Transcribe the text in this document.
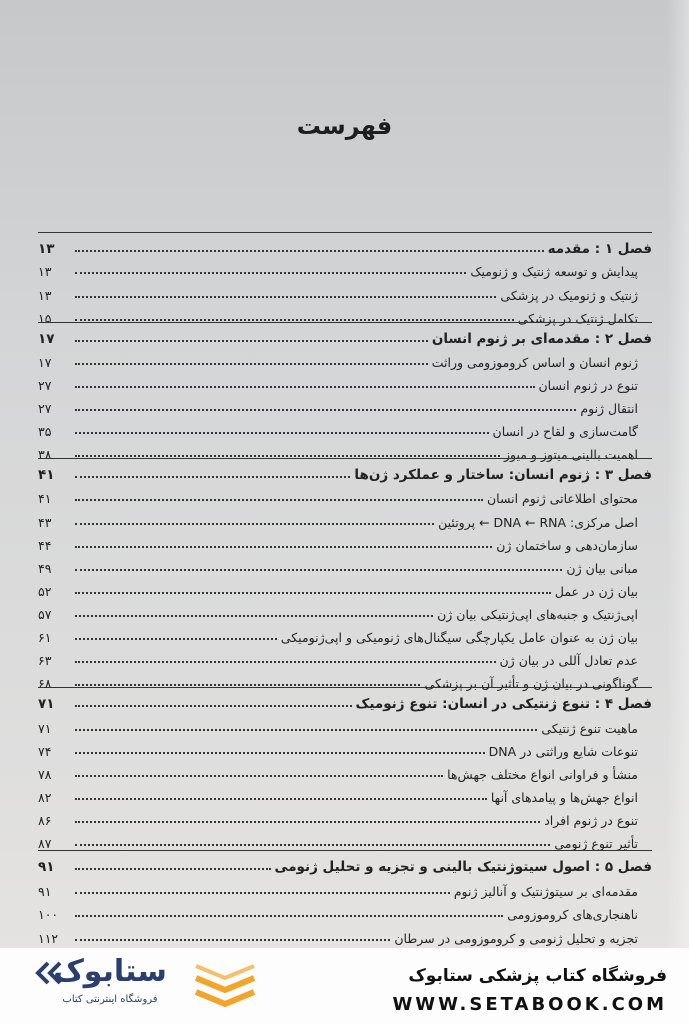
فهرست
فصل ۱ : مقدمه
۱۳
پیدایش و توسعه ژنتیک و ژنومیک
۱۳
ژنتیک و ژنومیک در پزشکی
۱۳
تکامل ژنتیک در پزشکی
۱۵
فصل ۲ : مقدمه‌ای بر ژنوم انسان
۱۷
ژنوم انسان و اساس کروموزومی وراثت
۱۷
تنوع در ژنوم انسان
۲۷
انتقال ژنوم
۲۷
گامت‌سازی و لقاح در انسان
۳۵
اهمیت بالینی میتوز و میوز
۳۸
فصل ۳ : ژنوم انسان: ساختار و عملکرد ژن‌ها
۴۱
محتوای اطلاعاتی ژنوم انسان
۴۱
اصل مرکزی: DNA ← RNA ← پروتئین
۴۳
سازمان‌دهی و ساختمان ژن
۴۴
مبانی بیان ژن
۴۹
بیان ژن در عمل
۵۲
اپی‌ژنتیک و جنبه‌های اپی‌ژنتیکی بیان ژن
۵۷
بیان ژن به عنوان عامل یکپارچگی سیگنال‌های ژنومیکی و اپی‌ژنومیکی
۶۱
عدم تعادل آللی در بیان ژن
۶۳
گوناگونی در بیان ژن و تأثیر آن بر پزشکی
۶۸
فصل ۴ : تنوع ژنتیکی در انسان: تنوع ژنومیک
۷۱
ماهیت تنوع ژنتیکی
۷۱
تنوعات شایع وراثتی در DNA
۷۴
منشأ و فراوانی انواع مختلف جهش‌ها
۷۸
انواع جهش‌ها و پیامدهای آنها
۸۲
تنوع در ژنوم افراد
۸۶
تأثیر تنوع ژنومی
۸۷
فصل ۵ : اصول سیتوژنتیک بالینی و تجزیه و تحلیل ژنومی
۹۱
مقدمه‌ای بر سیتوژنتیک و آنالیز ژنوم
۹۱
ناهنجاری‌های کروموزومی
۱۰۰
تجزیه و تحلیل ژنومی و کروموزومی در سرطان
۱۱۲
ستابوک
فروشگاه اینترنتی کتاب
فروشگاه کتاب پزشکی ستابوک
WWW.SETABOOK.COM
